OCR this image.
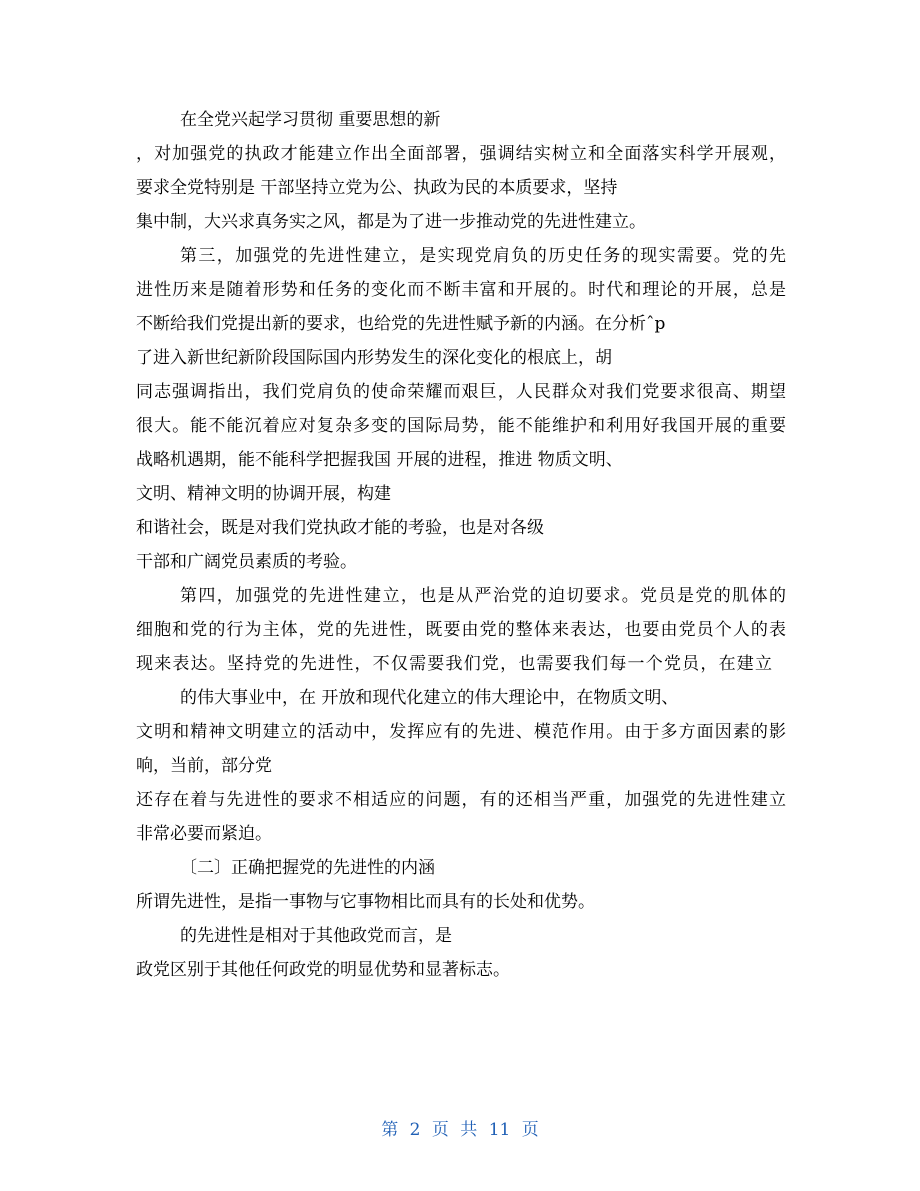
在全党兴起学习贯彻 重要思想的新

，对加强党的执政才能建立作出全面部署，强调结实树立和全面落实科学开展观，

要求全党特别是 干部坚持立党为公、执政为民的本质要求，坚持

集中制，大兴求真务实之风，都是为了进一步推动党的先进性建立。

第三，加强党的先进性建立，是实现党肩负的历史任务的现实需要。党的先

进性历来是随着形势和任务的变化而不断丰富和开展的。时代和理论的开展，总是

不断给我们党提出新的要求，也给党的先进性赋予新的内涵。在分析ˆp

了进入新世纪新阶段国际国内形势发生的深化变化的根底上，胡

同志强调指出，我们党肩负的使命荣耀而艰巨，人民群众对我们党要求很高、期望

很大。能不能沉着应对复杂多变的国际局势，能不能维护和利用好我国开展的重要

战略机遇期，能不能科学把握我国 开展的进程，推进 物质文明、

文明、精神文明的协调开展，构建

和谐社会，既是对我们党执政才能的考验，也是对各级

干部和广阔党员素质的考验。

第四，加强党的先进性建立，也是从严治党的迫切要求。党员是党的肌体的

细胞和党的行为主体，党的先进性，既要由党的整体来表达，也要由党员个人的表

现来表达。坚持党的先进性，不仅需要我们党，也需要我们每一个党员，在建立

的伟大事业中，在 开放和现代化建立的伟大理论中，在物质文明、

文明和精神文明建立的活动中，发挥应有的先进、模范作用。由于多方面因素的影

响，当前，部分党

还存在着与先进性的要求不相适应的问题，有的还相当严重，加强党的先进性建立

非常必要而紧迫。

〔二〕正确把握党的先进性的内涵

所谓先进性，是指一事物与它事物相比而具有的长处和优势。

的先进性是相对于其他政党而言，是

政党区别于其他任何政党的明显优势和显著标志。

第 2 页 共 11 页
